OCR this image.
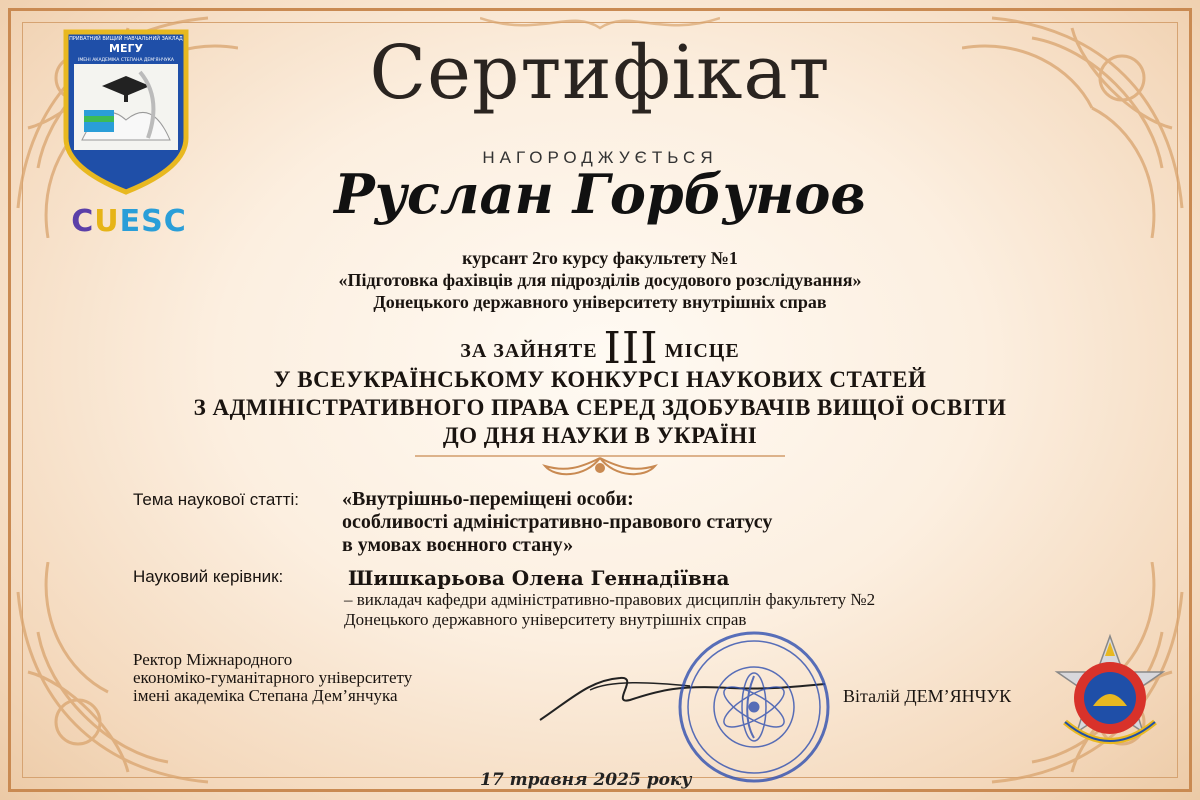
ПРИВАТНИЙ ВИЩИЙ НАВЧАЛЬНИЙ ЗАКЛАД
МЕГУ
ІМЕНІ АКАДЕМІКА СТЕПАНА ДЕМ'ЯНЧУКА
CUESC
Сертифікат
НАГОРОДЖУЄТЬСЯ
Руслан Горбунов
курсант 2го курсу факультету №1
«Підготовка фахівців для підрозділів досудового розслідування»
Донецького державного університету внутрішніх справ
ЗА ЗАЙНЯТЕ III МІСЦЕ
У ВСЕУКРАЇНСЬКОМУ КОНКУРСІ НАУКОВИХ СТАТЕЙ
З АДМІНІСТРАТИВНОГО ПРАВА СЕРЕД ЗДОБУВАЧІВ ВИЩОЇ ОСВІТИ
ДО ДНЯ НАУКИ В УКРАЇНІ
Тема наукової статті: «Внутрішньо-переміщені особи:
особливості адміністративно-правового статусу
в умовах воєнного стану»
Науковий керівник:	Шишкарьова Олена Геннадіївна
– викладач кафедри адміністративно-правових дисциплін факультету №2
Донецького державного університету внутрішніх справ
Ректор Міжнародного
економіко-гуманітарного університету
імені академіка Степана Дем’янчука	Віталій ДЕМ’ЯНЧУК
17 травня 2025 року
